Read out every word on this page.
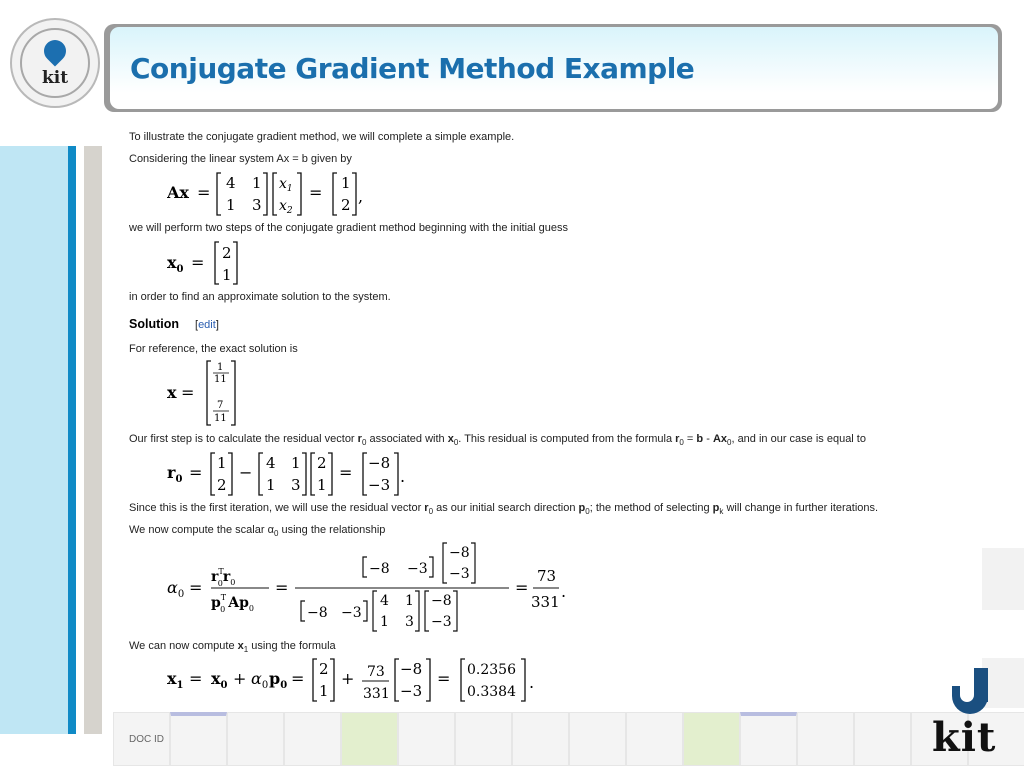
kit	Conjugate Gradient Method Example
DOC ID	kit
To illustrate the conjugate gradient method, we will complete a simple example.
Considering the linear system Ax = b given by
Ax = 4 1
1 3
$x_1$
$x_2$
= 1
2 ,
we will perform two steps of the conjugate gradient method beginning with the initial guess
$x_0 = 2$
1
in order to find an approximate solution to the system.
Solution [edit]
For reference, the exact solution is
x =
1
11
7
11
Our first step is to calculate the residual vector $r_0$ associated with $x_0$. This residual is computed from the formula $r_0 = b - Ax_0$, and in our case is equal to
$r_0 = 1$
2
− 4 1
1 3
2
1
= −8
−3 .
Since this is the first iteration, we will use the residual vector $r_0$ as our initial search direction $p_0$; the method of selecting $p_k$ will change in further iterations.
We now compute the scalar $\alpha_0$ using the relationship
$\alpha_0$ =
$r^T$ $0r_0$
$p^T$ 0 $Ap_0$
=
−8 −3
−8
−3
−8 −3
4 1
1 3
−8
−3
=
73
331
.
We can now compute $x_1$ using the formula
$x_1 = x_0 + \alpha_0$ $p_0 = 2$
1
+ 73
331
−8
−3
= 0.2356
0.3384 .
